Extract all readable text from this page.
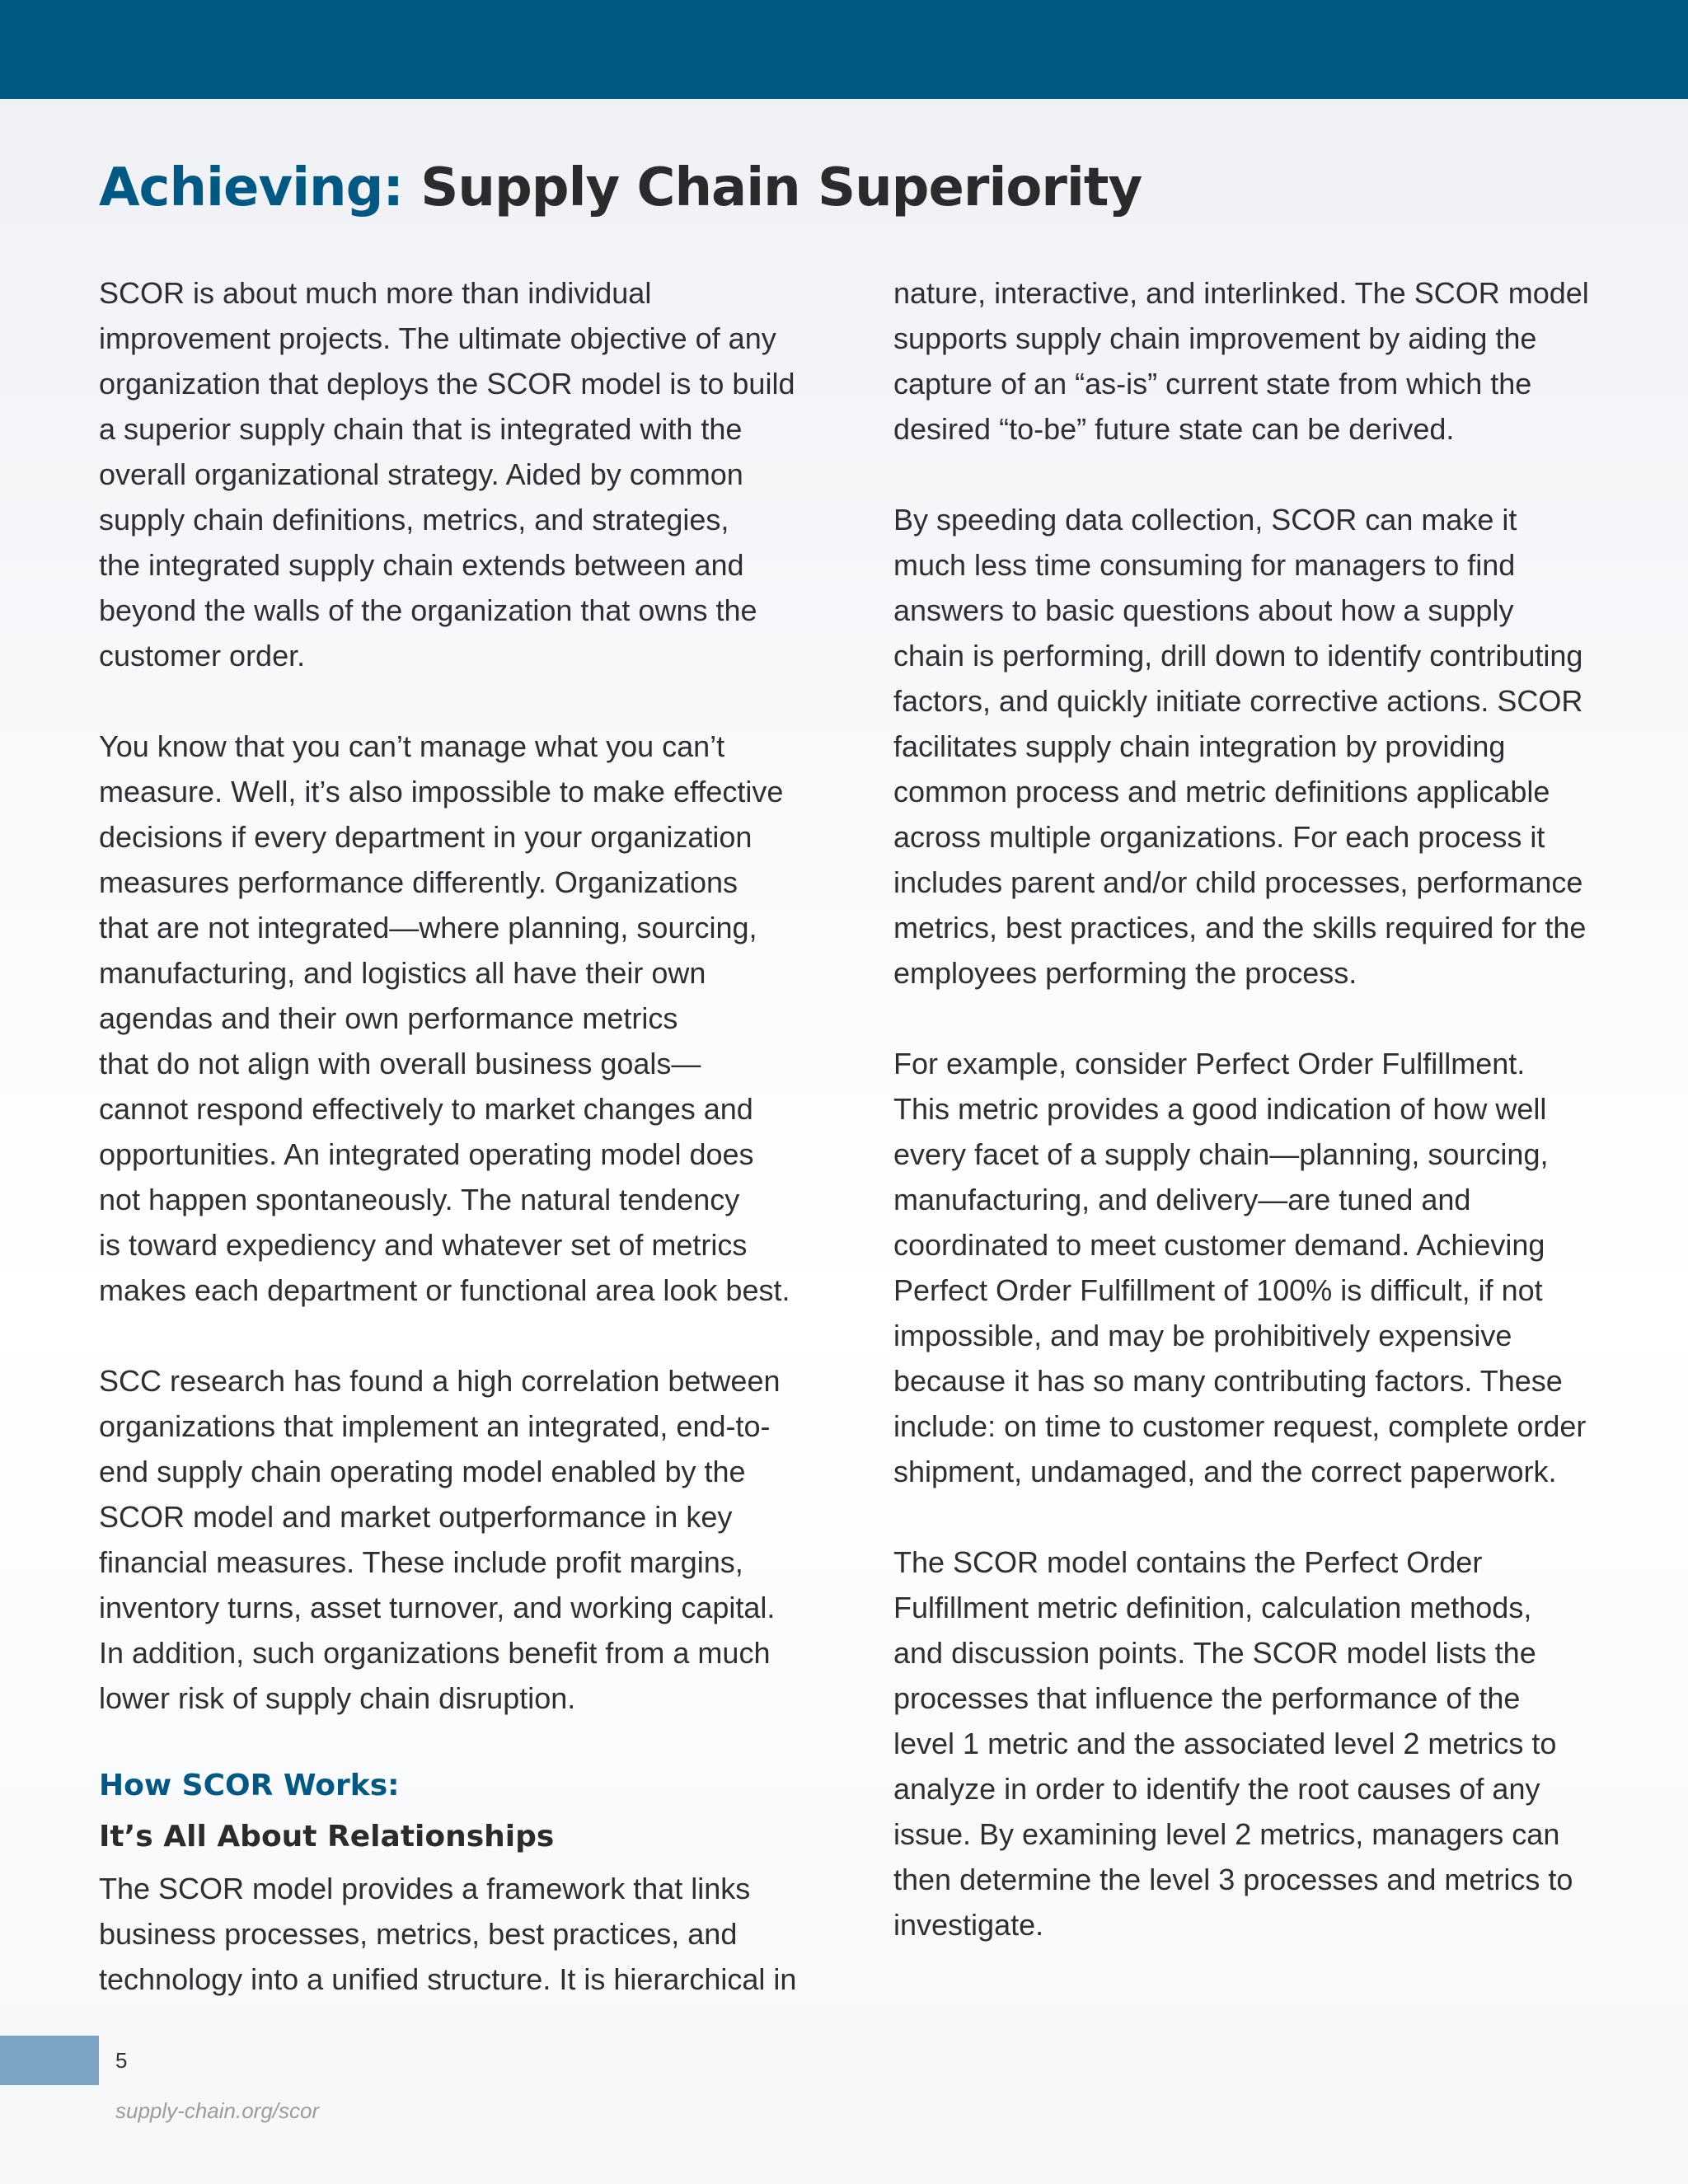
Achieving: Supply Chain Superiority

SCOR is about much more than individual
improvement projects. The ultimate objective of any
organization that deploys the SCOR model is to build
a superior supply chain that is integrated with the
overall organizational strategy. Aided by common
supply chain definitions, metrics, and strategies,
the integrated supply chain extends between and
beyond the walls of the organization that owns the
customer order.

You know that you can’t manage what you can’t
measure. Well, it’s also impossible to make effective
decisions if every department in your organization
measures performance differently. Organizations
that are not integrated—where planning, sourcing,
manufacturing, and logistics all have their own
agendas and their own performance metrics
that do not align with overall business goals—
cannot respond effectively to market changes and
opportunities. An integrated operating model does
not happen spontaneously. The natural tendency
is toward expediency and whatever set of metrics
makes each department or functional area look best.

SCC research has found a high correlation between
organizations that implement an integrated, end-to-
end supply chain operating model enabled by the
SCOR model and market outperformance in key
financial measures. These include profit margins,
inventory turns, asset turnover, and working capital.
In addition, such organizations benefit from a much
lower risk of supply chain disruption.

How SCOR Works:
It’s All About Relationships

The SCOR model provides a framework that links
business processes, metrics, best practices, and
technology into a unified structure. It is hierarchical in

nature, interactive, and interlinked. The SCOR model
supports supply chain improvement by aiding the
capture of an “as-is” current state from which the
desired “to-be” future state can be derived.

By speeding data collection, SCOR can make it
much less time consuming for managers to find
answers to basic questions about how a supply
chain is performing, drill down to identify contributing
factors, and quickly initiate corrective actions. SCOR
facilitates supply chain integration by providing
common process and metric definitions applicable
across multiple organizations. For each process it
includes parent and/or child processes, performance
metrics, best practices, and the skills required for the
employees performing the process.

For example, consider Perfect Order Fulfillment.
This metric provides a good indication of how well
every facet of a supply chain—planning, sourcing,
manufacturing, and delivery—are tuned and
coordinated to meet customer demand. Achieving
Perfect Order Fulfillment of 100% is difficult, if not
impossible, and may be prohibitively expensive
because it has so many contributing factors. These
include: on time to customer request, complete order
shipment, undamaged, and the correct paperwork.

The SCOR model contains the Perfect Order
Fulfillment metric definition, calculation methods,
and discussion points. The SCOR model lists the
processes that influence the performance of the
level 1 metric and the associated level 2 metrics to
analyze in order to identify the root causes of any
issue. By examining level 2 metrics, managers can
then determine the level 3 processes and metrics to
investigate.

5
supply-chain.org/scor
